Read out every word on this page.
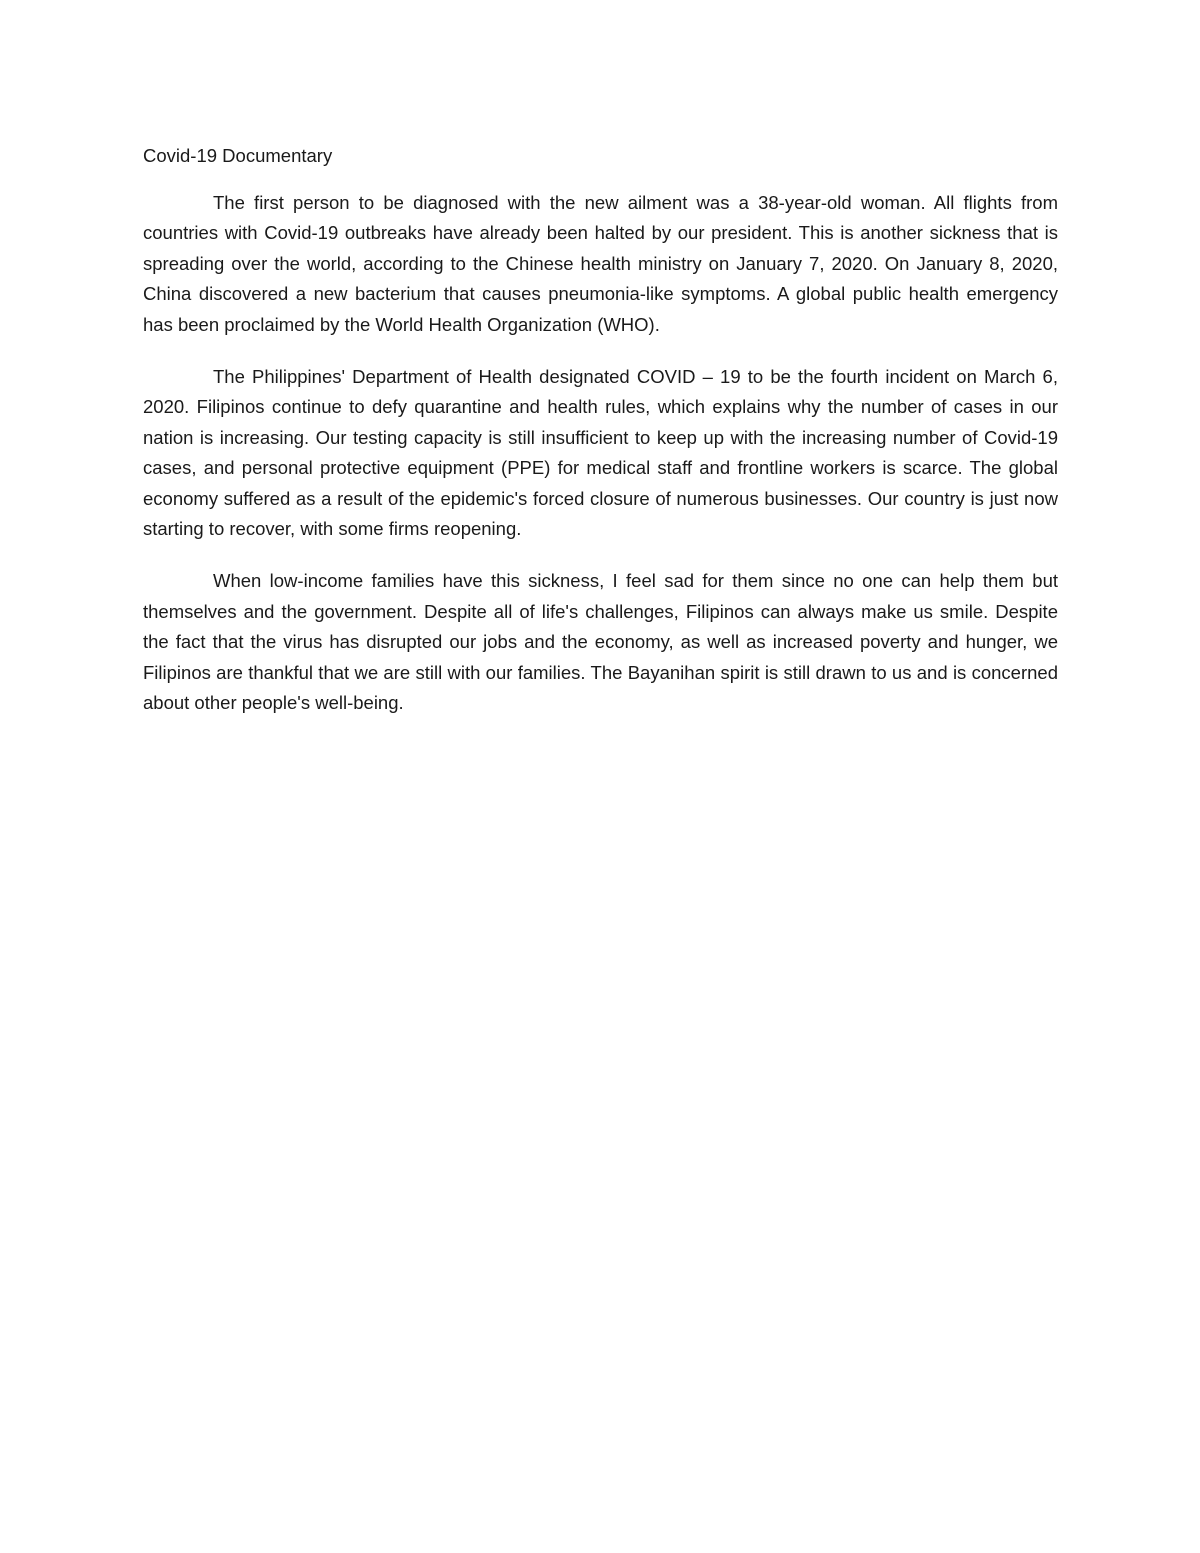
Covid-19 Documentary

The first person to be diagnosed with the new ailment was a 38-year-old woman. All flights from countries with Covid-19 outbreaks have already been halted by our president. This is another sickness that is spreading over the world, according to the Chinese health ministry on January 7, 2020. On January 8, 2020, China discovered a new bacterium that causes pneumonia-like symptoms. A global public health emergency has been proclaimed by the World Health Organization (WHO).

The Philippines' Department of Health designated COVID – 19 to be the fourth incident on March 6, 2020. Filipinos continue to defy quarantine and health rules, which explains why the number of cases in our nation is increasing. Our testing capacity is still insufficient to keep up with the increasing number of Covid-19 cases, and personal protective equipment (PPE) for medical staff and frontline workers is scarce. The global economy suffered as a result of the epidemic's forced closure of numerous businesses. Our country is just now starting to recover, with some firms reopening.

When low-income families have this sickness, I feel sad for them since no one can help them but themselves and the government. Despite all of life's challenges, Filipinos can always make us smile. Despite the fact that the virus has disrupted our jobs and the economy, as well as increased poverty and hunger, we Filipinos are thankful that we are still with our families. The Bayanihan spirit is still drawn to us and is concerned about other people's well-being.
